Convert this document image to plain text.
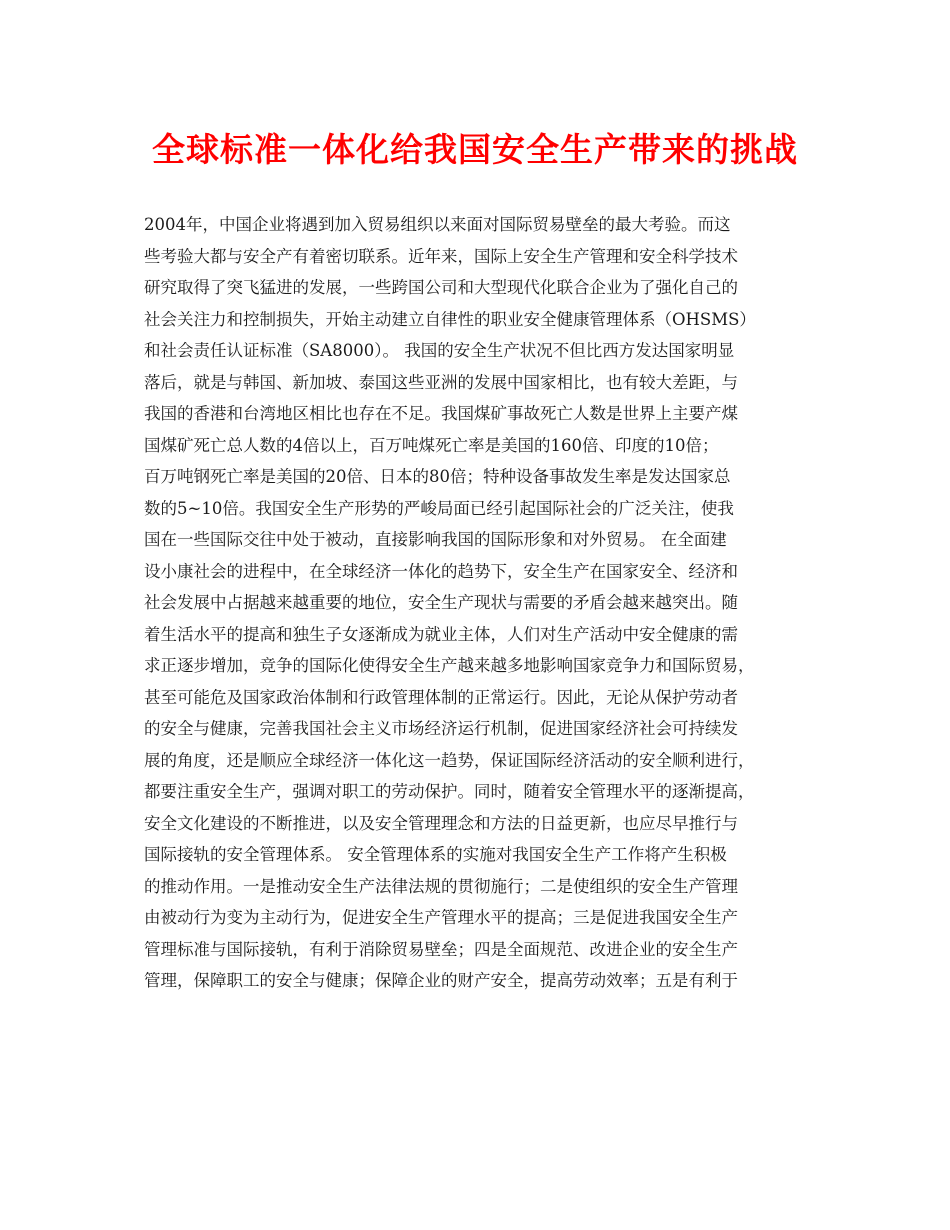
全球标准一体化给我国安全生产带来的挑战
2004年，中国企业将遇到加入贸易组织以来面对国际贸易壁垒的最大考验。而这
些考验大都与安全产有着密切联系。近年来，国际上安全生产管理和安全科学技术
研究取得了突飞猛进的发展，一些跨国公司和大型现代化联合企业为了强化自己的
社会关注力和控制损失，开始主动建立自律性的职业安全健康管理体系（OHSMS）
和社会责任认证标准（SA8000）。 我国的安全生产状况不但比西方发达国家明显
落后，就是与韩国、新加坡、泰国这些亚洲的发展中国家相比，也有较大差距，与
我国的香港和台湾地区相比也存在不足。我国煤矿事故死亡人数是世界上主要产煤
国煤矿死亡总人数的4倍以上，百万吨煤死亡率是美国的160倍、印度的10倍；
百万吨钢死亡率是美国的20倍、日本的80倍；特种设备事故发生率是发达国家总
数的5~10倍。我国安全生产形势的严峻局面已经引起国际社会的广泛关注，使我
国在一些国际交往中处于被动，直接影响我国的国际形象和对外贸易。 在全面建
设小康社会的进程中，在全球经济一体化的趋势下，安全生产在国家安全、经济和
社会发展中占据越来越重要的地位，安全生产现状与需要的矛盾会越来越突出。随
着生活水平的提高和独生子女逐渐成为就业主体，人们对生产活动中安全健康的需
求正逐步增加，竞争的国际化使得安全生产越来越多地影响国家竞争力和国际贸易，
甚至可能危及国家政治体制和行政管理体制的正常运行。因此，无论从保护劳动者
的安全与健康，完善我国社会主义市场经济运行机制，促进国家经济社会可持续发
展的角度，还是顺应全球经济一体化这一趋势，保证国际经济活动的安全顺利进行，
都要注重安全生产，强调对职工的劳动保护。同时，随着安全管理水平的逐渐提高，
安全文化建设的不断推进，以及安全管理理念和方法的日益更新，也应尽早推行与
国际接轨的安全管理体系。 安全管理体系的实施对我国安全生产工作将产生积极
的推动作用。一是推动安全生产法律法规的贯彻施行；二是使组织的安全生产管理
由被动行为变为主动行为，促进安全生产管理水平的提高；三是促进我国安全生产
管理标准与国际接轨，有利于消除贸易壁垒；四是全面规范、改进企业的安全生产
管理，保障职工的安全与健康；保障企业的财产安全，提高劳动效率；五是有利于
